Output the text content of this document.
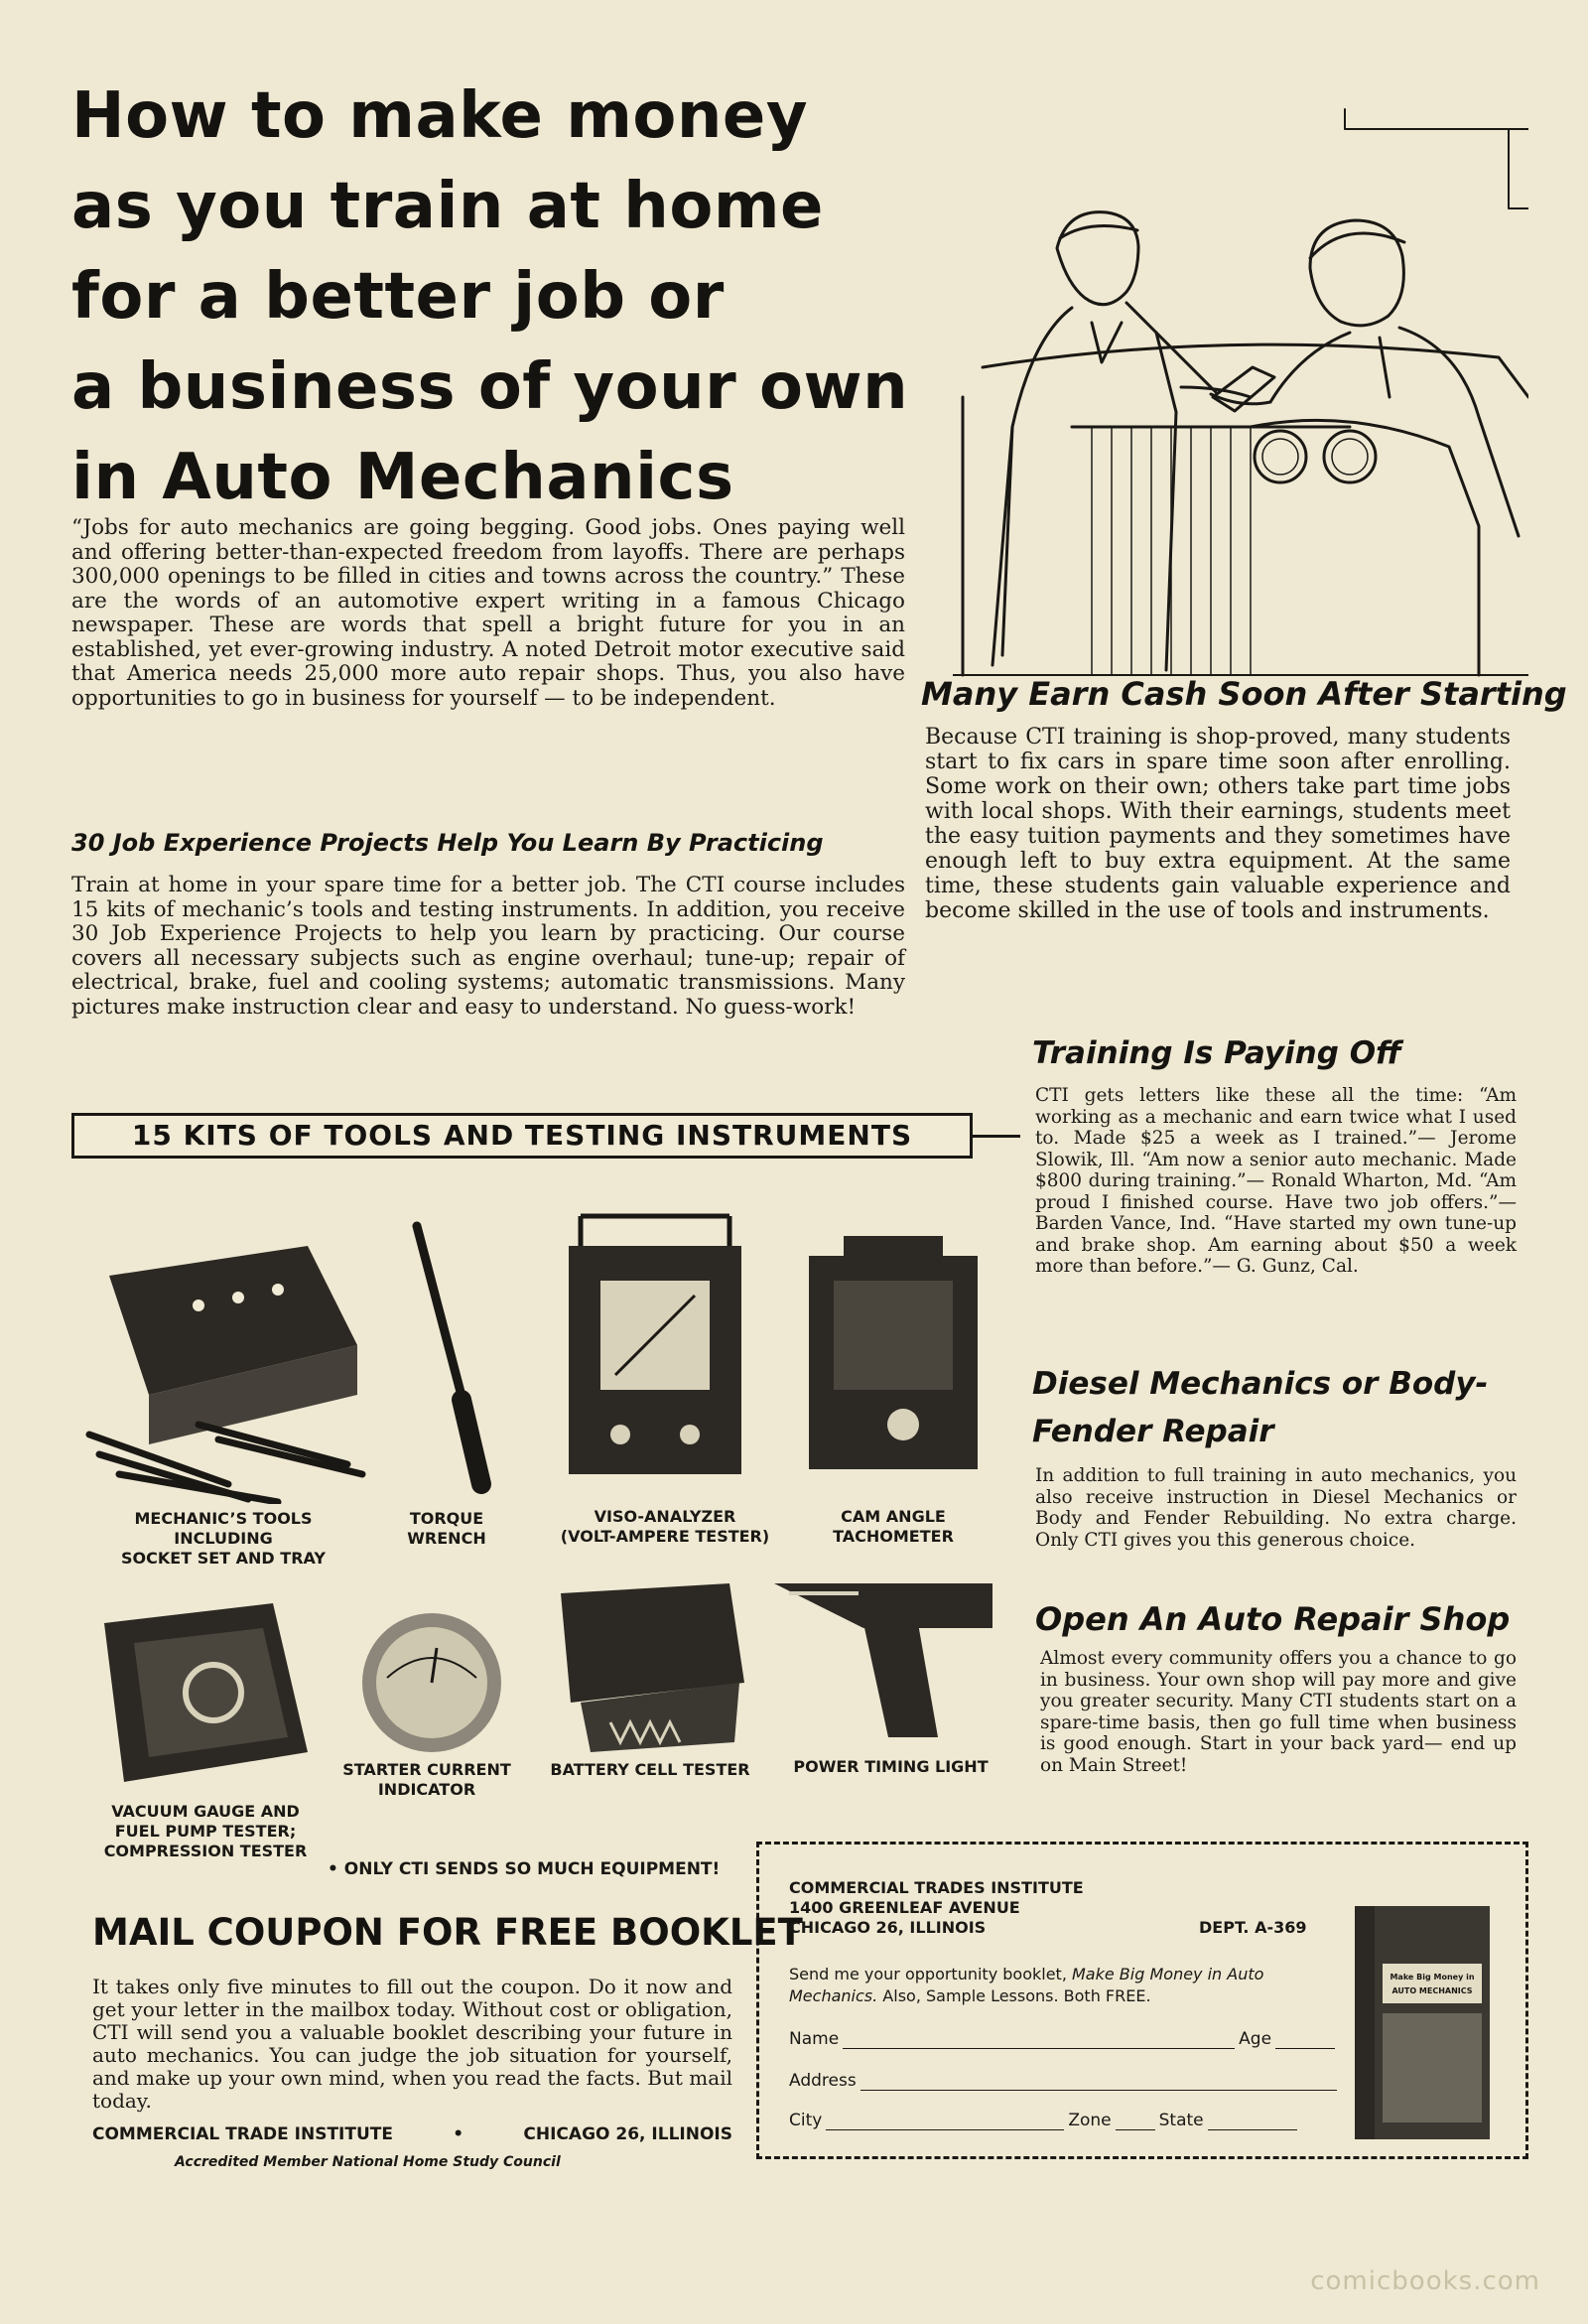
How to make money
as you train at home
for a better job or
a business of your own
in Auto Mechanics
“Jobs for auto mechanics are going begging. Good jobs. Ones paying well and offering better-than-expected freedom from layoffs. There are perhaps 300,000 openings to be filled in cities and towns across the country.” These are the words of an automotive expert writing in a famous Chicago newspaper. These are words that spell a bright future for you in an established, yet ever-growing industry. A noted Detroit motor executive said that America needs 25,000 more auto repair shops. Thus, you also have opportunities to go in business for yourself — to be independent.
30 Job Experience Projects Help You Learn By Practicing
Train at home in your spare time for a better job. The CTI course includes 15 kits of mechanic’s tools and testing instruments. In addition, you receive 30 Job Experience Projects to help you learn by practicing. Our course covers all necessary subjects such as engine overhaul; tune-up; repair of electrical, brake, fuel and cooling systems; automatic transmissions. Many pictures make instruction clear and easy to understand. No guess-work!
Many Earn Cash Soon After Starting
Because CTI training is shop-proved, many students start to fix cars in spare time soon after enrolling. Some work on their own; others take part time jobs with local shops. With their earnings, students meet the easy tuition payments and they sometimes have enough left to buy extra equipment. At the same time, these students gain valuable experience and become skilled in the use of tools and instruments.
Training Is Paying Off
CTI gets letters like these all the time: “Am working as a mechanic and earn twice what I used to. Made $25 a week as I trained.”— Jerome Slowik, Ill. “Am now a senior auto mechanic. Made $800 during training.”— Ronald Wharton, Md. “Am proud I finished course. Have two job offers.”— Barden Vance, Ind. “Have started my own tune-up and brake shop. Am earning about $50 a week more than before.”— G. Gunz, Cal.
Diesel Mechanics or Body-Fender Repair
In addition to full training in auto mechanics, you also receive instruction in Diesel Mechanics or Body and Fender Rebuilding. No extra charge. Only CTI gives you this generous choice.
Open An Auto Repair Shop
Almost every community offers you a chance to go in business. Your own shop will pay more and give you greater security. Many CTI students start on a spare-time basis, then go full time when business is good enough. Start in your back yard— end up on Main Street!
15 KITS OF TOOLS AND TESTING INSTRUMENTS
MECHANIC’S TOOLS
INCLUDING
SOCKET SET AND TRAY
TORQUE
WRENCH
VISO-ANALYZER
(VOLT-AMPERE TESTER)
CAM ANGLE
TACHOMETER
VACUUM GAUGE AND
FUEL PUMP TESTER;
COMPRESSION TESTER
STARTER CURRENT
INDICATOR
BATTERY CELL TESTER	POWER TIMING LIGHT
• ONLY CTI SENDS SO MUCH EQUIPMENT!
MAIL COUPON FOR FREE BOOKLET
It takes only five minutes to fill out the coupon. Do it now and get your letter in the mailbox today. Without cost or obligation, CTI will send you a valuable booklet describing your future in auto mechanics. You can judge the job situation for yourself, and make up your own mind, when you read the facts. But mail today.
COMMERCIAL TRADE INSTITUTE	•	CHICAGO 26, ILLINOIS
Accredited Member National Home Study Council
COMMERCIAL TRADES INSTITUTE
1400 GREENLEAF AVENUE
CHICAGO 26, ILLINOIS	DEPT. A-369
Send me your opportunity booklet, Make Big Money in Auto Mechanics. Also, Sample Lessons. Both FREE.
Name	Age
Address
City	Zone	State
Make Big Money in
AUTO MECHANICS
comicbooks.com
